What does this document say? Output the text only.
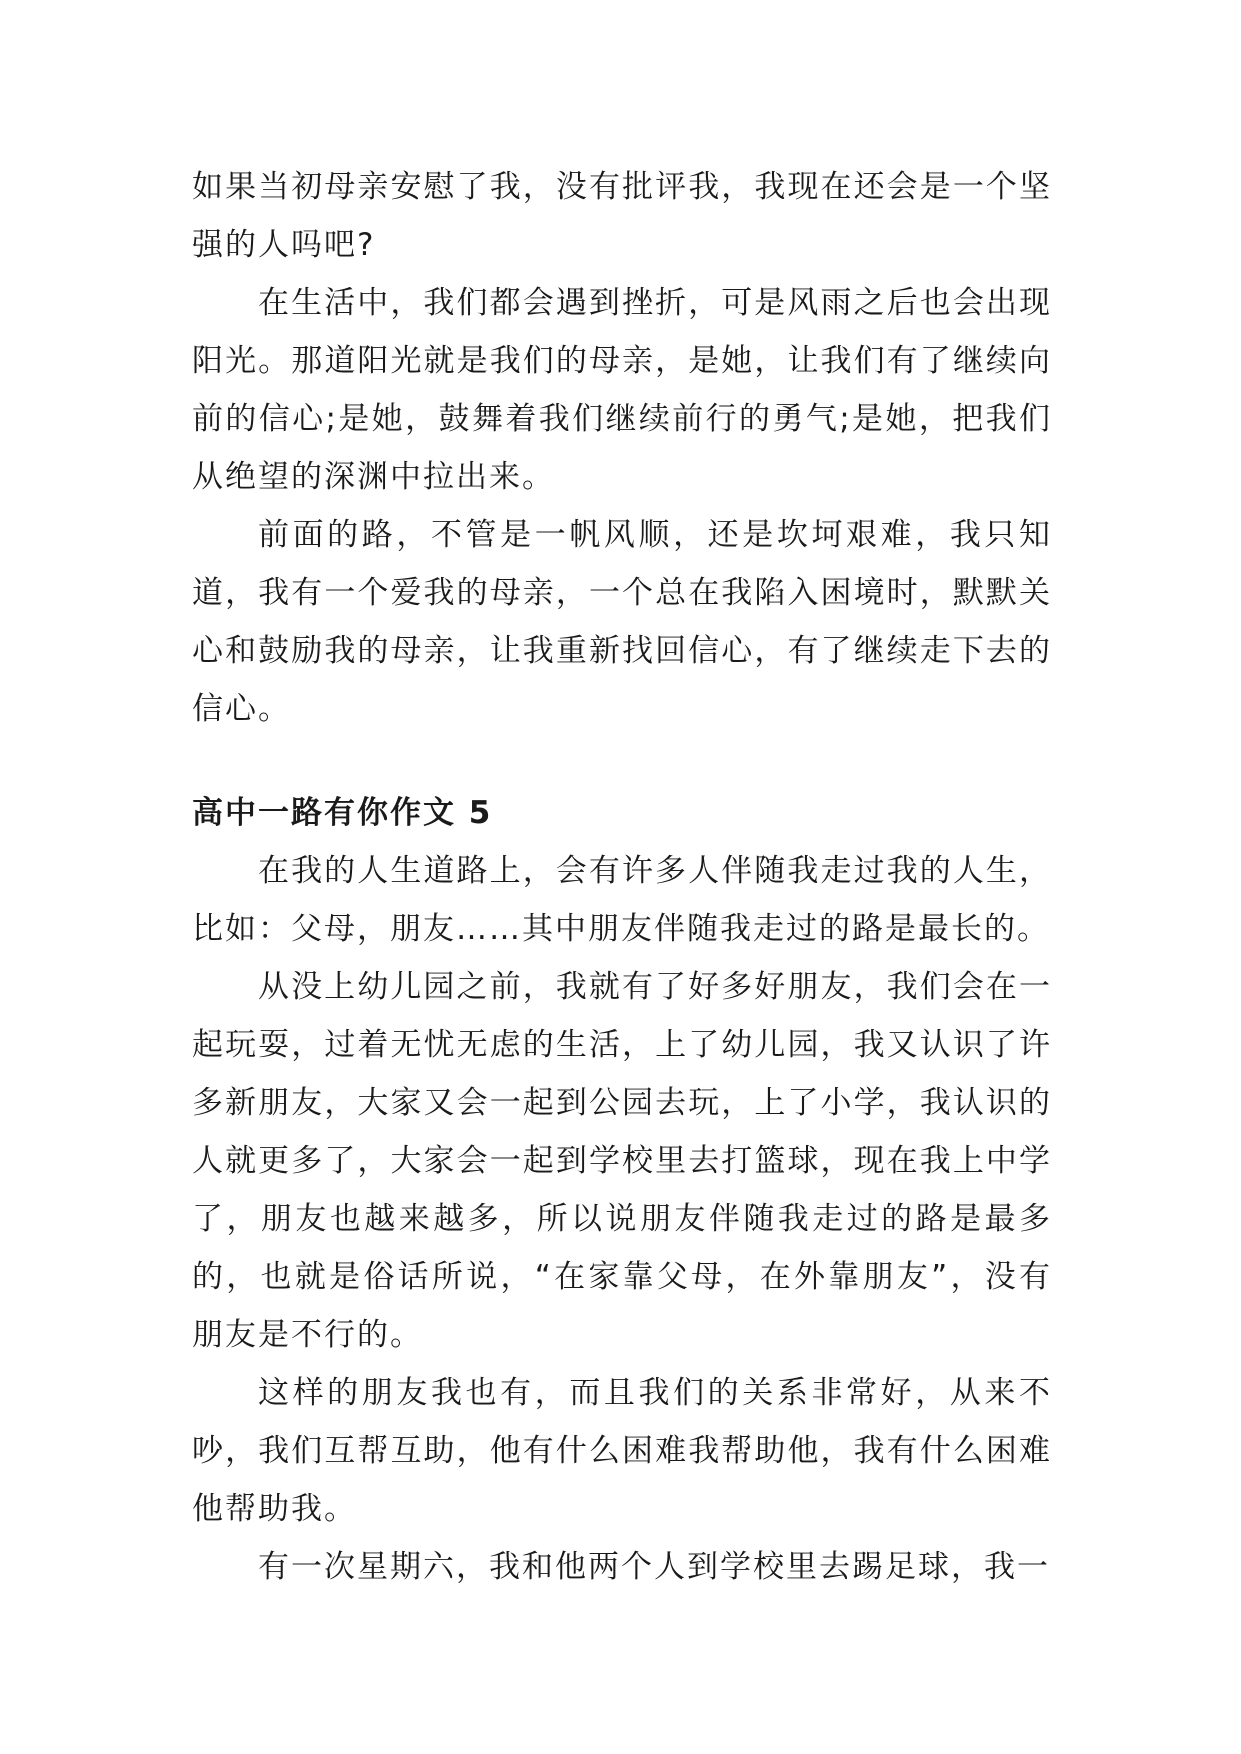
如果当初母亲安慰了我，没有批评我，我现在还会是一个坚强的人吗吧?

在生活中，我们都会遇到挫折，可是风雨之后也会出现阳光。那道阳光就是我们的母亲，是她，让我们有了继续向前的信心;是她，鼓舞着我们继续前行的勇气;是她，把我们从绝望的深渊中拉出来。

前面的路，不管是一帆风顺，还是坎坷艰难，我只知道，我有一个爱我的母亲，一个总在我陷入困境时，默默关心和鼓励我的母亲，让我重新找回信心，有了继续走下去的信心。

高中一路有你作文 5

在我的人生道路上，会有许多人伴随我走过我的人生，比如：父母，朋友……其中朋友伴随我走过的路是最长的。

从没上幼儿园之前，我就有了好多好朋友，我们会在一起玩耍，过着无忧无虑的生活，上了幼儿园，我又认识了许多新朋友，大家又会一起到公园去玩，上了小学，我认识的人就更多了，大家会一起到学校里去打篮球，现在我上中学了，朋友也越来越多，所以说朋友伴随我走过的路是最多的，也就是俗话所说，“在家靠父母，在外靠朋友”，没有朋友是不行的。

这样的朋友我也有，而且我们的关系非常好，从来不吵，我们互帮互助，他有什么困难我帮助他，我有什么困难他帮助我。

有一次星期六，我和他两个人到学校里去踢足球，我一
